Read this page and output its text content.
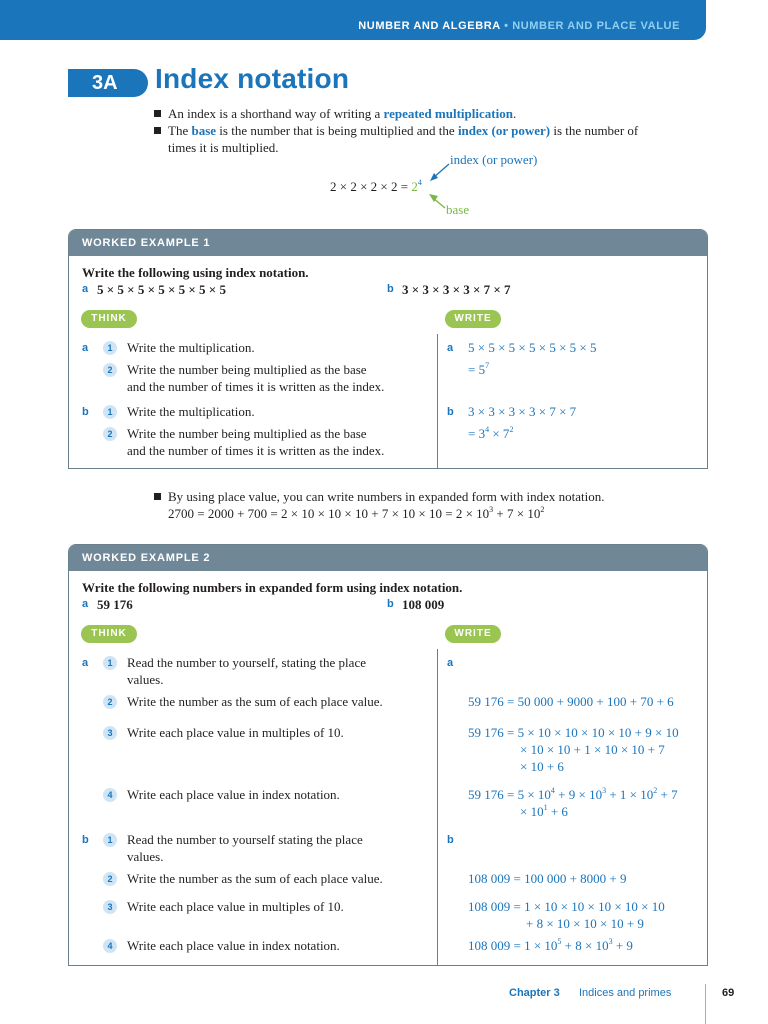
NUMBER AND ALGEBRA • NUMBER AND PLACE VALUE
3A Index notation
An index is a shorthand way of writing a repeated multiplication.
The base is the number that is being multiplied and the index (or power) is the number of
times it is multiplied.
index (or power)
$2 \times 2 \times 2 \times 2 = 2^4$
base
WORKED EXAMPLE 1
Write the following using index notation.
a 5 × 5 × 5 × 5 × 5 × 5 × 5	b 3 × 3 × 3 × 3 × 7 × 7
THINK	WRITE
a	1	Write the multiplication.	a 5 × 5 × 5 × 5 × 5 × 5 × 5
2	Write the number being multiplied as the base
and the number of times it is written as the index.
= $5^7$
b	1	Write the multiplication.	b 3 × 3 × 3 × 3 × 7 × 7
2	Write the number being multiplied as the base
and the number of times it is written as the index.
= $3^4 \times 7^2$
By using place value, you can write numbers in expanded form with index notation.
$2700 = 2000 + 700 = 2 \times 10 \times 10 \times 10 + 7 \times 10 \times 10 = 2 \times 10^3 + 7 \times 10^2$
WORKED EXAMPLE 2
Write the following numbers in expanded form using index notation.
a 59 176	b 108 009
THINK	WRITE
a	1	Read the number to yourself, stating the place
values.
a
2	Write the number as the sum of each place value.	59 176 = 50 000 + 9000 + 100 + 70 + 6
3	Write each place value in multiples of 10.	59 176 = 5 × 10 × 10 × 10 × 10 + 9 × 10
× 10 × 10 + 1 × 10 × 10 + 7
× 10 + 6
4	Write each place value in index notation.	59 $176 = 5 \times 10^4 + 9 \times 10^3 + 1 \times 10^2 + 7$
× $10^1 + 6$
b	1	Read the number to yourself stating the place
values.
b
2	Write the number as the sum of each place value.	108 009 = 100 000 + 8000 + 9
3	Write each place value in multiples of 10.	108 009 = 1 × 10 × 10 × 10 × 10 × 10
+ 8 × 10 × 10 × 10 + 9
4	Write each place value in index notation.	108 $009 = 1 \times 10^5 + 8 \times 10^3 + 9$
Chapter 3 Indices and primes	69
